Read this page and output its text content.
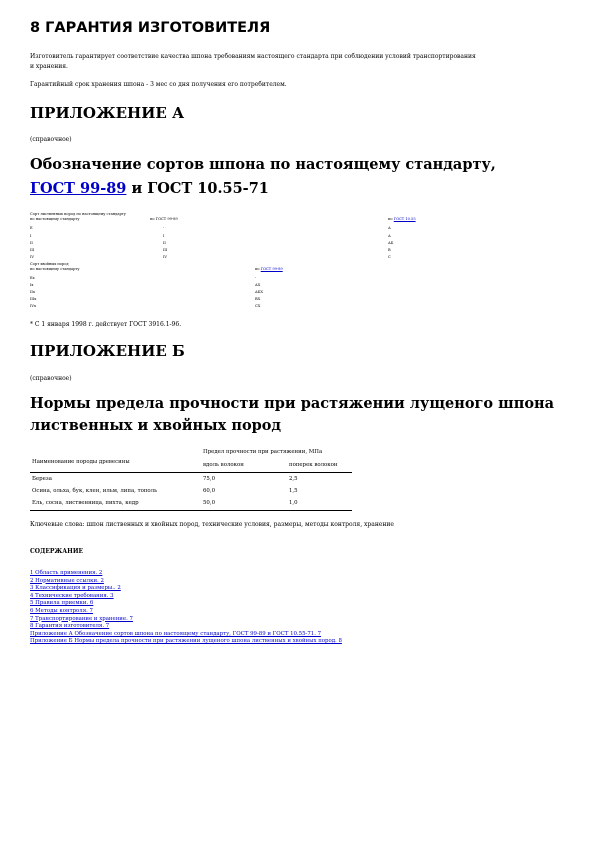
8 ГАРАНТИЯ ИЗГОТОВИТЕЛЯ
Изготовитель гарантирует соответствие качества шпона требованиям настоящего стандарта при соблюдении условий транспортирования
и хранения.
Гарантийный срок хранения шпона - 3 мес со дня получения его потребителем.
ПРИЛОЖЕНИЕ А
(справочное)
Обозначение сортов шпона по настоящему стандарту,
ГОСТ 99-89 и ГОСТ 10.55-71
Сорт лиственных пород по настоящему стандарту
по настоящему стандарту	по ГОСТ 99-89	по ГОСТ 10.55
Е	-	А
I	I	А
II	II	АБ
III	III	В
IV	IV	С
Сорт хвойных пород
по настоящему стандарту	по ГОСТ 99-89
Ех	-
Ix	АХ
IIx	АБХ
IIIx	ВХ
IVx	СХ
* С 1 января 1998 г. действует ГОСТ 3916.1-96.
ПРИЛОЖЕНИЕ Б
(справочное)
Нормы предела прочности при растяжении лущеного шпона
лиственных и хвойных пород
Наименование породы древесины
Предел прочности при растяжении, МПа
вдоль волокон	поперек волокон
Береза	75,0	2,5
Осина, ольха, бук, клен, ильм, липа, тополь	60,0	1,5
Ель, сосна, лиственница, пихта, кедр	50,0	1,0
Ключевые слова: шпон лиственных и хвойных пород, технические условия, размеры, методы контроля, хранение
СОДЕРЖАНИЕ
1 Область применения. 2
2 Нормативные ссылки. 2
3 Классификация и размеры.. 2
4 Технические требования. 3
5 Правила приемки. 6
6 Методы контроля. 7
7 Транспортирование и хранение. 7
8 Гарантия изготовителя. 7
Приложение А Обозначение сортов шпона по настоящему стандарту, ГОСТ 99-89 и ГОСТ 10.55-71. 7
Приложение Б Нормы предела прочности при растяжении лущеного шпона лиственных и хвойных пород. 8
